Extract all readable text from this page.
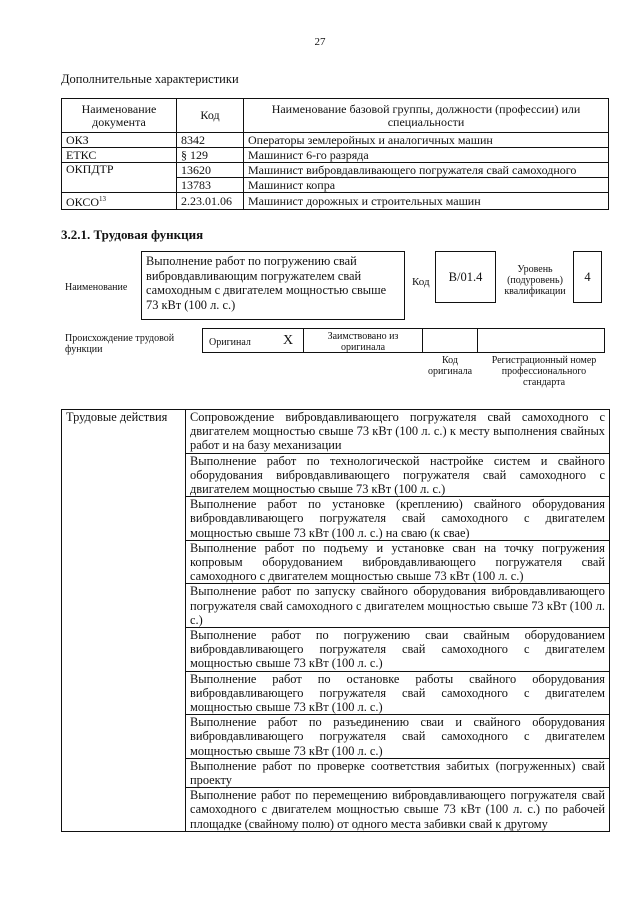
27
Дополнительные характеристики
Наименование документа	Код	Наименование базовой группы, должности (профессии) или специальности
ОКЗ	8342	Операторы землеройных и аналогичных машин
ЕТКС	§ 129	Машинист 6-го разряда
ОКПДТР	13620	Машинист вибровдавливающего погружателя свай самоходного
	13783	Машинист копра
ОКСО$^{13}$	2.23.01.06	Машинист дорожных и строительных машин
3.2.1. Трудовая функция
Наименование
Выполнение работ по погружению свай вибровдавливающим погружателем свай самоходным с двигателем мощностью свыше 73 кВт (100 л. с.)
Код В/01.4	Уровень (подуровень) квалификации
4
Происхождение трудовой функции
Оригинал X	Заимствовано из оригинала
Код оригинала
Регистрационный номер профессионального стандарта
Трудовые действия	Сопровождение вибровдавливающего погружателя свай самоходного с двигателем мощностью свыше 73 кВт (100 л. с.) к месту выполнения свайных работ и на базу механизации
Выполнение работ по технологической настройке систем и свайного оборудования вибровдавливающего погружателя свай самоходного с двигателем мощностью свыше 73 кВт (100 л. с.)
Выполнение работ по установке (креплению) свайного оборудования вибровдавливающего погружателя свай самоходного с двигателем мощностью свыше 73 кВт (100 л. с.) на сваю (к свае)
Выполнение работ по подъему и установке сван на точку погружения копровым оборудованием вибровдавливающего погружателя свай самоходного с двигателем мощностью свыше 73 кВт (100 л. с.)
Выполнение работ по запуску свайного оборудования вибровдавливающего погружателя свай самоходного с двигателем мощностью свыше 73 кВт (100 л. с.)
Выполнение работ по погружению сваи свайным оборудованием вибровдавливающего погружателя свай самоходного с двигателем мощностью свыше 73 кВт (100 л. с.)
Выполнение работ по остановке работы свайного оборудования вибровдавливающего погружателя свай самоходного с двигателем мощностью свыше 73 кВт (100 л. с.)
Выполнение работ по разъединению сваи и свайного оборудования вибровдавливающего погружателя свай самоходного с двигателем мощностью свыше 73 кВт (100 л. с.)
Выполнение работ по проверке соответствия забитых (погруженных) свай проекту
Выполнение работ по перемещению вибровдавливающего погружателя свай самоходного с двигателем мощностью свыше 73 кВт (100 л. с.) по рабочей площадке (свайному полю) от одного места забивки свай к другому
